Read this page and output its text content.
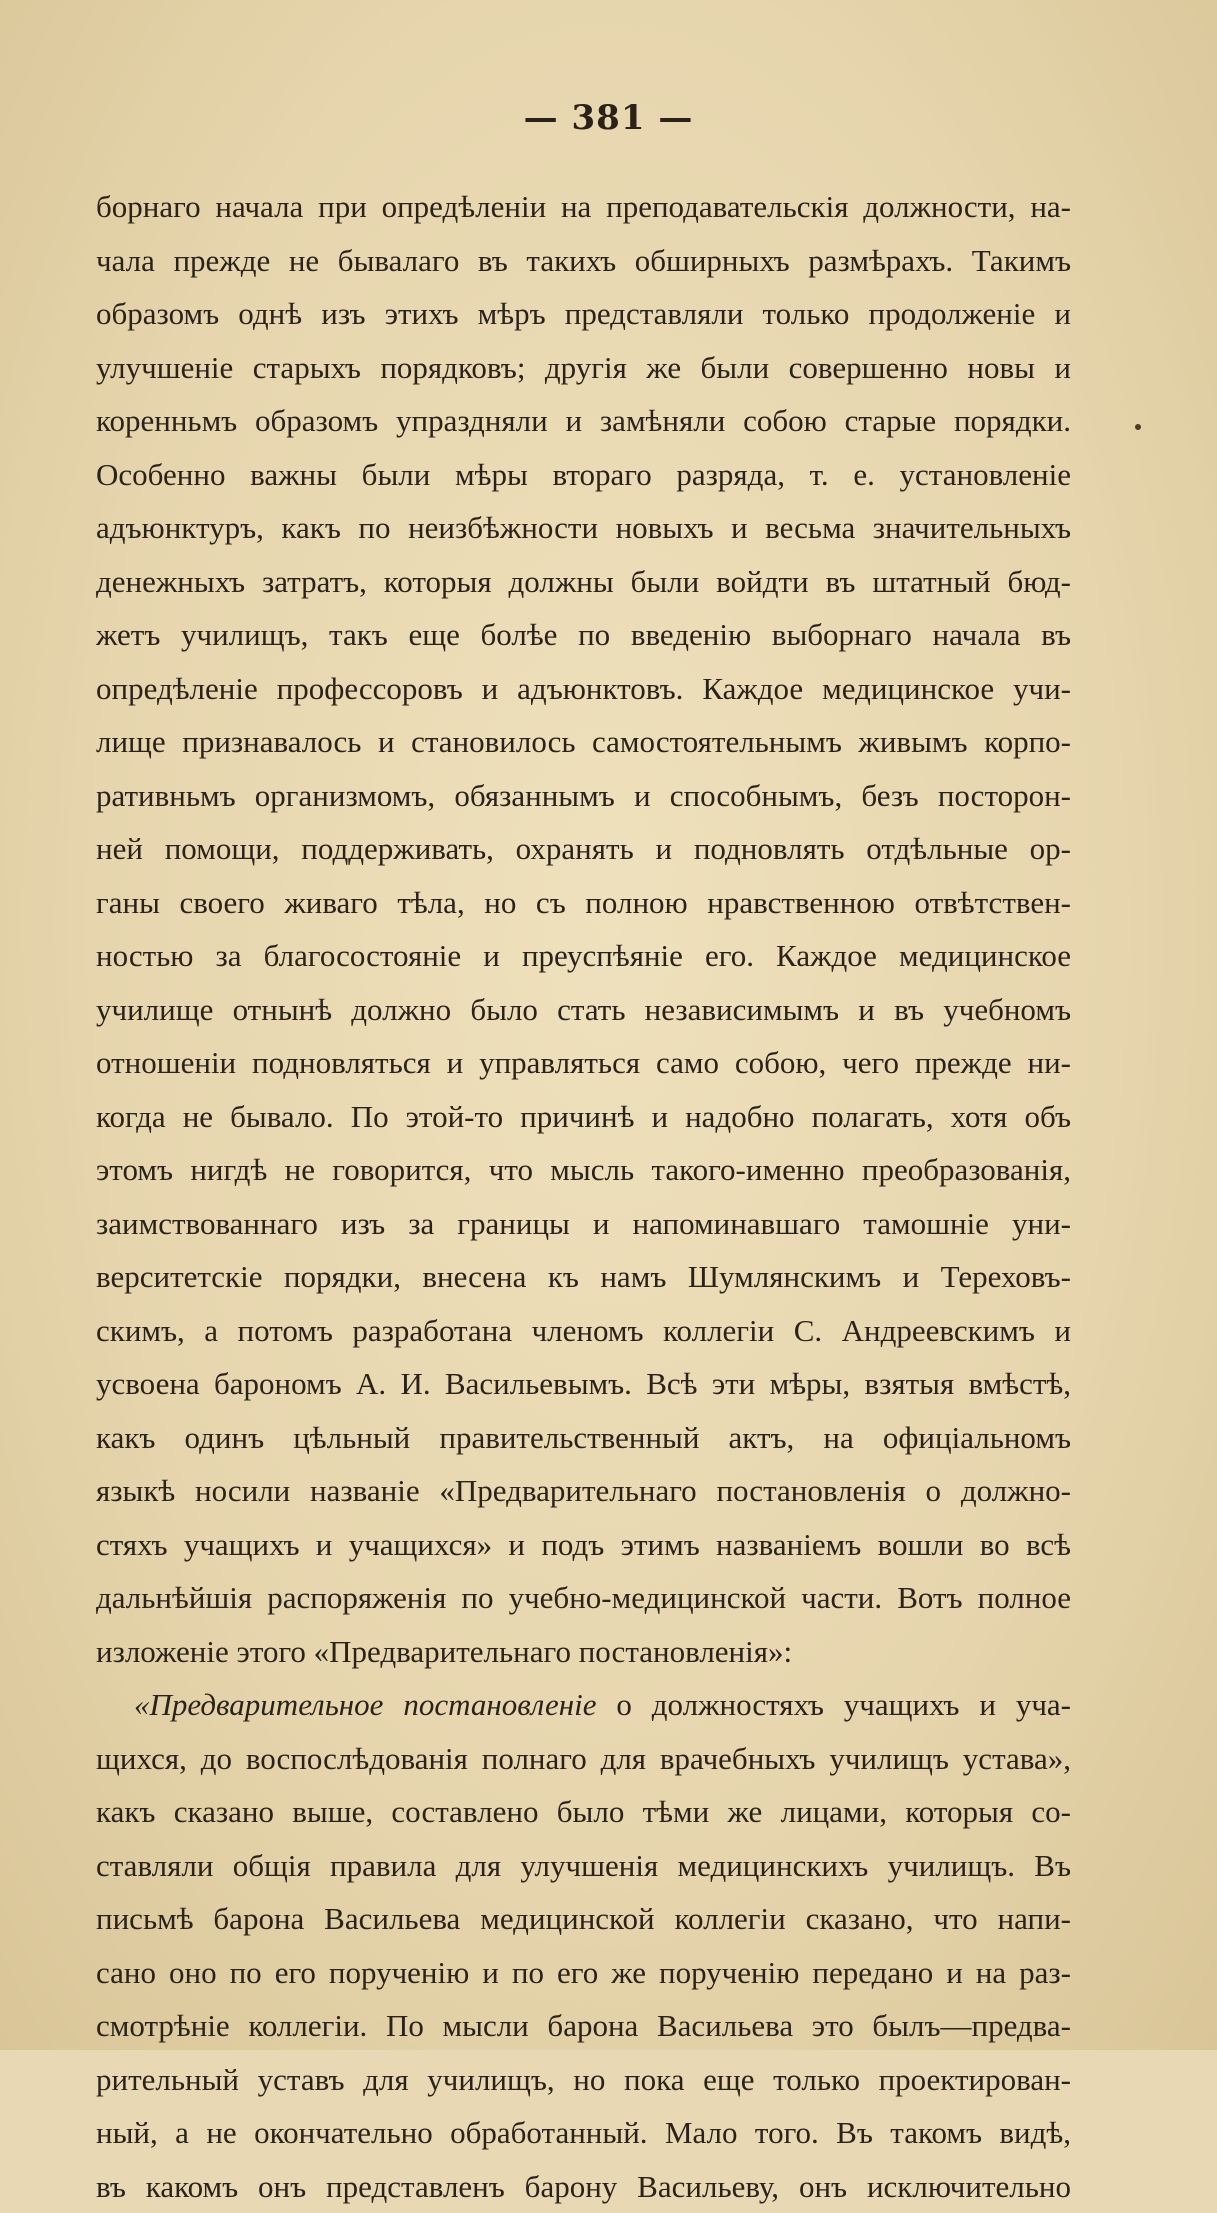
— 381 —
борнаго начала при опредѣленіи на преподавательскія должности, на-
чала прежде не бывалаго въ такихъ обширныхъ размѣрахъ. Такимъ
образомъ однѣ изъ этихъ мѣръ представляли только продолженіе и
улучшеніе старыхъ порядковъ; другія же были совершенно новы и
коренньмъ образомъ упраздняли и замѣняли собою старые порядки.
Особенно важны были мѣры втораго разряда, т. е. установленіе
адъюнктуръ, какъ по неизбѣжности новыхъ и весьма значительныхъ
денежныхъ затратъ, которыя должны были войдти въ штатный бюд-
жетъ училищъ, такъ еще болѣе по введенію выборнаго начала въ
опредѣленіе профессоровъ и адъюнктовъ. Каждое медицинское учи-
лище признавалось и становилось самостоятельнымъ живымъ корпо-
ративньмъ организмомъ, обязаннымъ и способнымъ, безъ посторон-
ней помощи, поддерживать, охранять и подновлять отдѣльные ор-
ганы своего живаго тѣла, но съ полною нравственною отвѣтствен-
ностью за благосостояніе и преуспѣяніе его. Каждое медицинское
училище отнынѣ должно было стать независимымъ и въ учебномъ
отношеніи подновляться и управляться само собою, чего прежде ни-
когда не бывало. По этой-то причинѣ и надобно полагать, хотя объ
этомъ нигдѣ не говорится, что мысль такого-именно преобразованія,
заимствованнаго изъ за границы и напоминавшаго тамошніе уни-
верситетскіе порядки, внесена къ намъ Шумлянскимъ и Тереховъ-
скимъ, а потомъ разработана членомъ коллегіи С. Андреевскимъ и
усвоена барономъ А. И. Васильевымъ. Всѣ эти мѣры, взятыя вмѣстѣ,
какъ одинъ цѣльный правительственный актъ, на офиціальномъ
языкѣ носили названіе «Предварительнаго постановленія о должно-
стяхъ учащихъ и учащихся» и подъ этимъ названіемъ вошли во всѣ
дальнѣйшія распоряженія по учебно-медицинской части. Вотъ полное
изложеніе этого «Предварительнаго постановленія»:
«Предварительное постановленіе о должностяхъ учащихъ и уча-
щихся, до воспослѣдованія полнаго для врачебныхъ училищъ устава»,
какъ сказано выше, составлено было тѣми же лицами, которыя со-
ставляли общія правила для улучшенія медицинскихъ училищъ. Въ
письмѣ барона Васильева медицинской коллегіи сказано, что напи-
сано оно по его порученію и по его же порученію передано и на раз-
смотрѣніе коллегіи. По мысли барона Васильева это былъ—предва-
рительный уставъ для училищъ, но пока еще только проектирован-
ный, а не окончательно обработанный. Мало того. Въ такомъ видѣ,
въ какомъ онъ представленъ барону Васильеву, онъ исключительно
